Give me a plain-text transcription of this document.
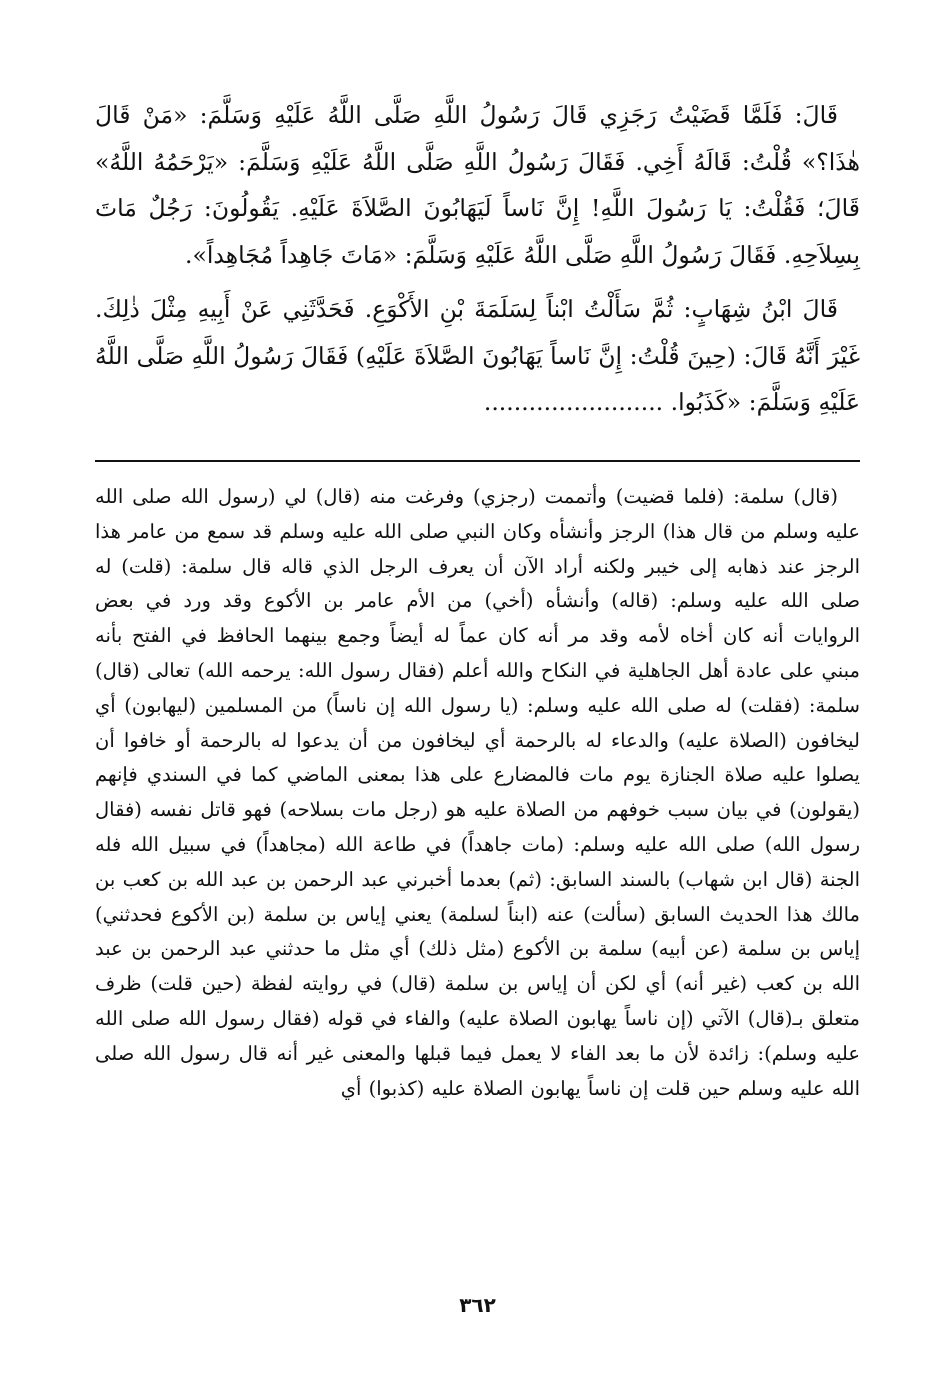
قَالَ: فَلَمَّا قَضَيْتُ رَجَزِي قَالَ رَسُولُ اللَّهِ صَلَّى اللَّهُ عَلَيْهِ وَسَلَّمَ: «مَنْ قَالَ هٰذَا؟» قُلْتُ: قَالَهُ أَخِي. فَقَالَ رَسُولُ اللَّهِ صَلَّى اللَّهُ عَلَيْهِ وَسَلَّمَ: «يَرْحَمُهُ اللَّهُ» قَالَ؛ فَقُلْتُ: يَا رَسُولَ اللَّهِ! إِنَّ نَاساً لَيَهَابُونَ الصَّلاَةَ عَلَيْهِ. يَقُولُونَ: رَجُلٌ مَاتَ بِسِلاَحِهِ. فَقَالَ رَسُولُ اللَّهِ صَلَّى اللَّهُ عَلَيْهِ وَسَلَّمَ: «مَاتَ جَاهِداً مُجَاهِداً».

قَالَ ابْنُ شِهَابٍ: ثُمَّ سَأَلْتُ ابْناً لِسَلَمَةَ بْنِ الأَكْوَعِ. فَحَدَّثَنِي عَنْ أَبِيهِ مِثْلَ ذٰلِكَ. غَيْرَ أَنَّهُ قَالَ: (حِينَ قُلْتُ: إِنَّ نَاساً يَهَابُونَ الصَّلاَةَ عَلَيْهِ) فَقَالَ رَسُولُ اللَّهِ صَلَّى اللَّهُ عَلَيْهِ وَسَلَّمَ: «كَذَبُوا. ........................

(قال) سلمة: (فلما قضيت) وأتممت (رجزي) وفرغت منه (قال) لي (رسول الله صلى الله عليه وسلم من قال هذا) الرجز وأنشأه وكان النبي صلى الله عليه وسلم قد سمع من عامر هذا الرجز عند ذهابه إلى خيبر ولكنه أراد الآن أن يعرف الرجل الذي قاله قال سلمة: (قلت) له صلى الله عليه وسلم: (قاله) وأنشأه (أخي) من الأم عامر بن الأكوع وقد ورد في بعض الروايات أنه كان أخاه لأمه وقد مر أنه كان عماً له أيضاً وجمع بينهما الحافظ في الفتح بأنه مبني على عادة أهل الجاهلية في النكاح والله أعلم (فقال رسول الله: يرحمه الله) تعالى (قال) سلمة: (فقلت) له صلى الله عليه وسلم: (يا رسول الله إن ناساً) من المسلمين (ليهابون) أي ليخافون (الصلاة عليه) والدعاء له بالرحمة أي ليخافون من أن يدعوا له بالرحمة أو خافوا أن يصلوا عليه صلاة الجنازة يوم مات فالمضارع على هذا بمعنى الماضي كما في السندي فإنهم (يقولون) في بيان سبب خوفهم من الصلاة عليه هو (رجل مات بسلاحه) فهو قاتل نفسه (فقال رسول الله) صلى الله عليه وسلم: (مات جاهداً) في طاعة الله (مجاهداً) في سبيل الله فله الجنة (قال ابن شهاب) بالسند السابق: (ثم) بعدما أخبرني عبد الرحمن بن عبد الله بن كعب بن مالك هذا الحديث السابق (سألت) عنه (ابناً لسلمة) يعني إياس بن سلمة (بن الأكوع فحدثني) إياس بن سلمة (عن أبيه) سلمة بن الأكوع (مثل ذلك) أي مثل ما حدثني عبد الرحمن بن عبد الله بن كعب (غير أنه) أي لكن أن إياس بن سلمة (قال) في روايته لفظة (حين قلت) ظرف متعلق بـ(قال) الآتي (إن ناساً يهابون الصلاة عليه) والفاء في قوله (فقال رسول الله صلى الله عليه وسلم): زائدة لأن ما بعد الفاء لا يعمل فيما قبلها والمعنى غير أنه قال رسول الله صلى الله عليه وسلم حين قلت إن ناساً يهابون الصلاة عليه (كذبوا) أي

٣٦٢
